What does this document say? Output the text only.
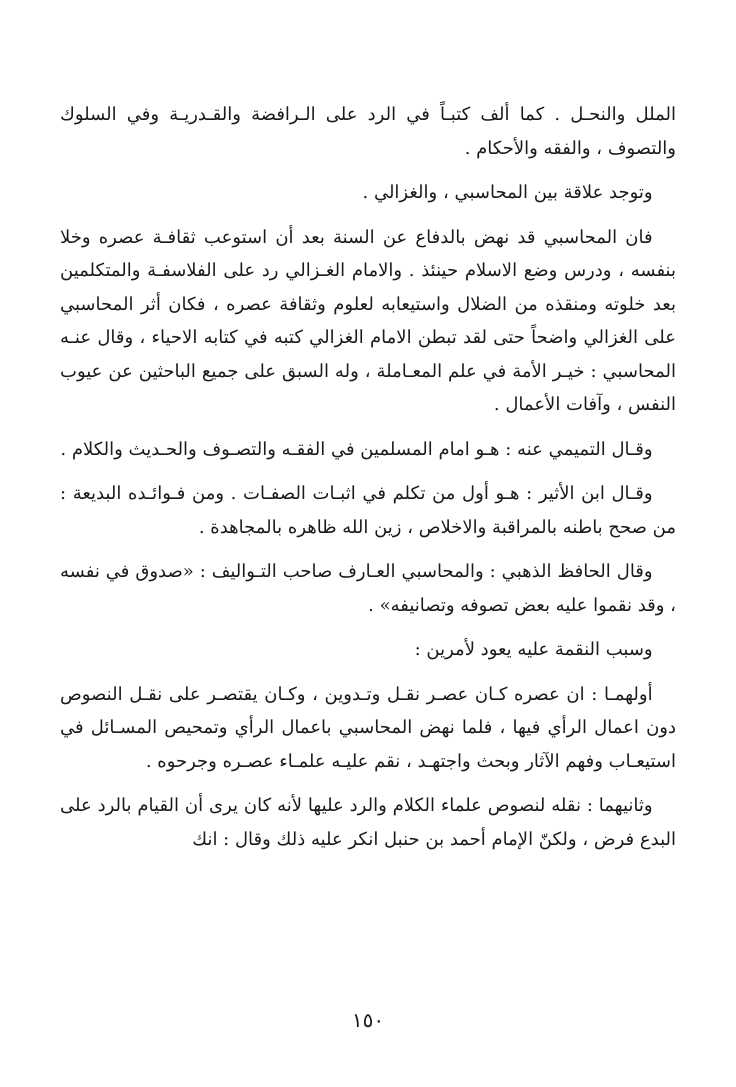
الملل والنحـل . كما ألف كتبـاً في الرد على الـرافضة والقـدريـة وفي السلوك والتصوف ، والفقه والأحكام .

وتوجد علاقة بين المحاسبي ، والغزالي .

فان المحاسبي قد نهض بالدفاع عن السنة بعد أن استوعب ثقافـة عصره وخلا بنفسه ، ودرس وضع الاسلام حينئذ . والامام الغـزالي رد على الفلاسفـة والمتكلمين بعد خلوته ومنقذه من الضلال واستيعابه لعلوم وثقافة عصره ، فكان أثر المحاسبي على الغزالي واضحاً حتى لقد تبطن الامام الغزالي كتبه في كتابه الاحياء ، وقال عنـه المحاسبي : خيـر الأمة في علم المعـاملة ، وله السبق على جميع الباحثين عن عيوب النفس ، وآفات الأعمال .

وقـال التميمي عنه : هـو امام المسلمين في الفقـه والتصـوف والحـديث والكلام .

وقـال ابن الأثير : هـو أول من تكلم في اثبـات الصفـات . ومن فـوائـده البديعة : من صحح باطنه بالمراقبة والاخلاص ، زين الله ظاهره بالمجاهدة .

وقال الحافظ الذهبي : والمحاسبي العـارف صاحب التـواليف : «صدوق في نفسه ، وقد نقموا عليه بعض تصوفه وتصانيفه» .

وسبب النقمة عليه يعود لأمرين :

أولهمـا : ان عصره كـان عصـر نقـل وتـدوين ، وكـان يقتصـر على نقـل النصوص دون اعمال الرأي فيها ، فلما نهض المحاسبي باعمال الرأي وتمحيص المسـائل في استيعـاب وفهم الآثار وبحث واجتهـد ، نقم عليـه علمـاء عصـره وجرحوه .

وثانيهما : نقله لنصوص علماء الكلام والرد عليها لأنه كان يرى أن القيام بالرد على البدع فرض ، ولكنّ الإمام أحمد بن حنبل انكر عليه ذلك وقال : انك

١٥٠
